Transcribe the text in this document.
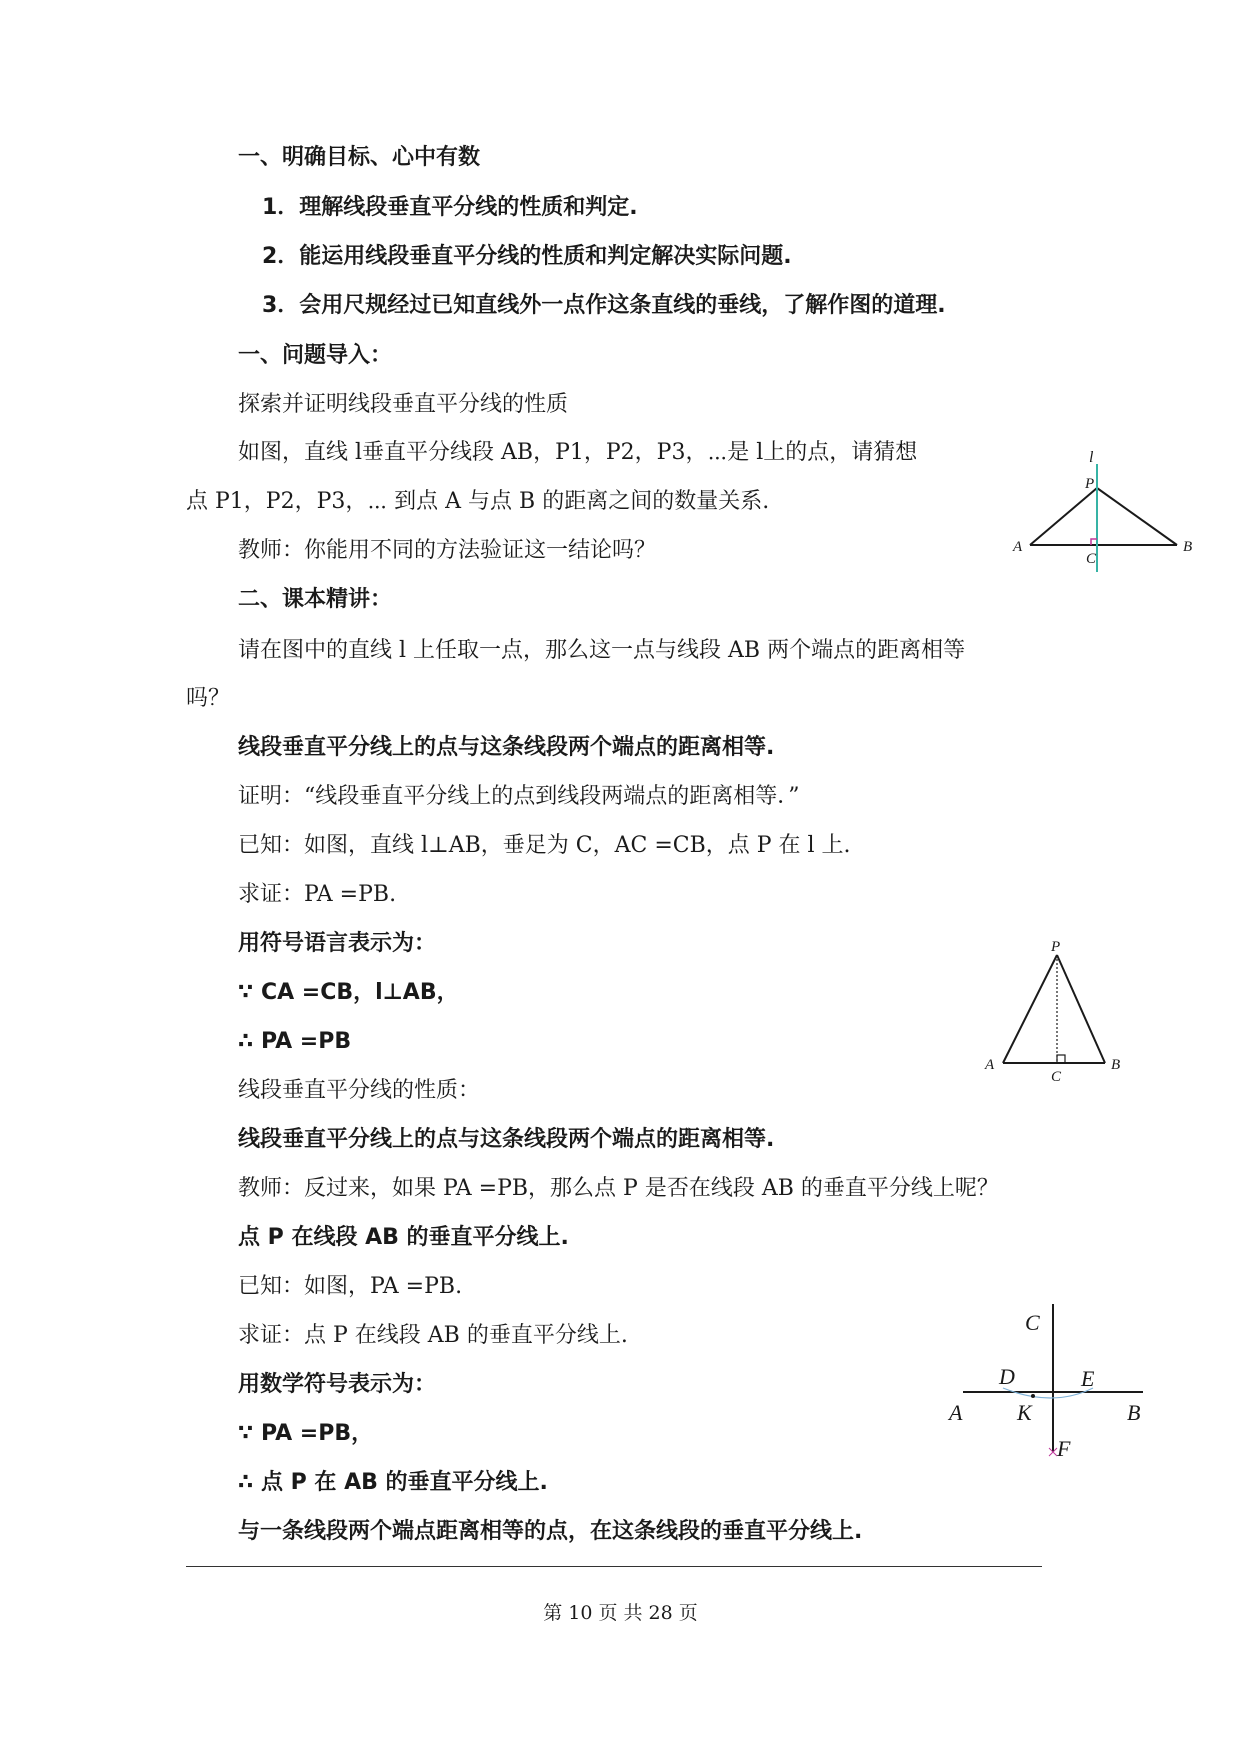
一、明确目标、心中有数
1．理解线段垂直平分线的性质和判定.
2．能运用线段垂直平分线的性质和判定解决实际问题.
3．会用尺规经过已知直线外一点作这条直线的垂线，了解作图的道理.
一、问题导入：
探索并证明线段垂直平分线的性质
如图，直线 l垂直平分线段 AB，P1，P2，P3，⋯是 l上的点，请猜想
点 P1，P2，P3，⋯ 到点 A 与点 B 的距离之间的数量关系.
教师：你能用不同的方法验证这一结论吗？
二、课本精讲：
请在图中的直线 l 上任取一点，那么这一点与线段 AB 两个端点的距离相等
吗？
线段垂直平分线上的点与这条线段两个端点的距离相等.
证明：“线段垂直平分线上的点到线段两端点的距离相等．”
已知：如图，直线 l⊥AB，垂足为 C，AC =CB，点 P 在 l 上.
求证：PA =PB.
用符号语言表示为：
∵ CA =CB，l⊥AB，
∴ PA =PB
线段垂直平分线的性质：
线段垂直平分线上的点与这条线段两个端点的距离相等.
教师：反过来，如果 PA =PB，那么点 P 是否在线段 AB 的垂直平分线上呢？
点 P 在线段 AB 的垂直平分线上.
已知：如图，PA =PB.
求证：点 P 在线段 AB 的垂直平分线上.
用数学符号表示为：
∵ PA =PB，
∴ 点 P 在 AB 的垂直平分线上.
与一条线段两个端点距离相等的点，在这条线段的垂直平分线上.
l
P
A
C
B
P
A
C
B
C
D	E
A K	B
F
第 10 页 共 28 页
